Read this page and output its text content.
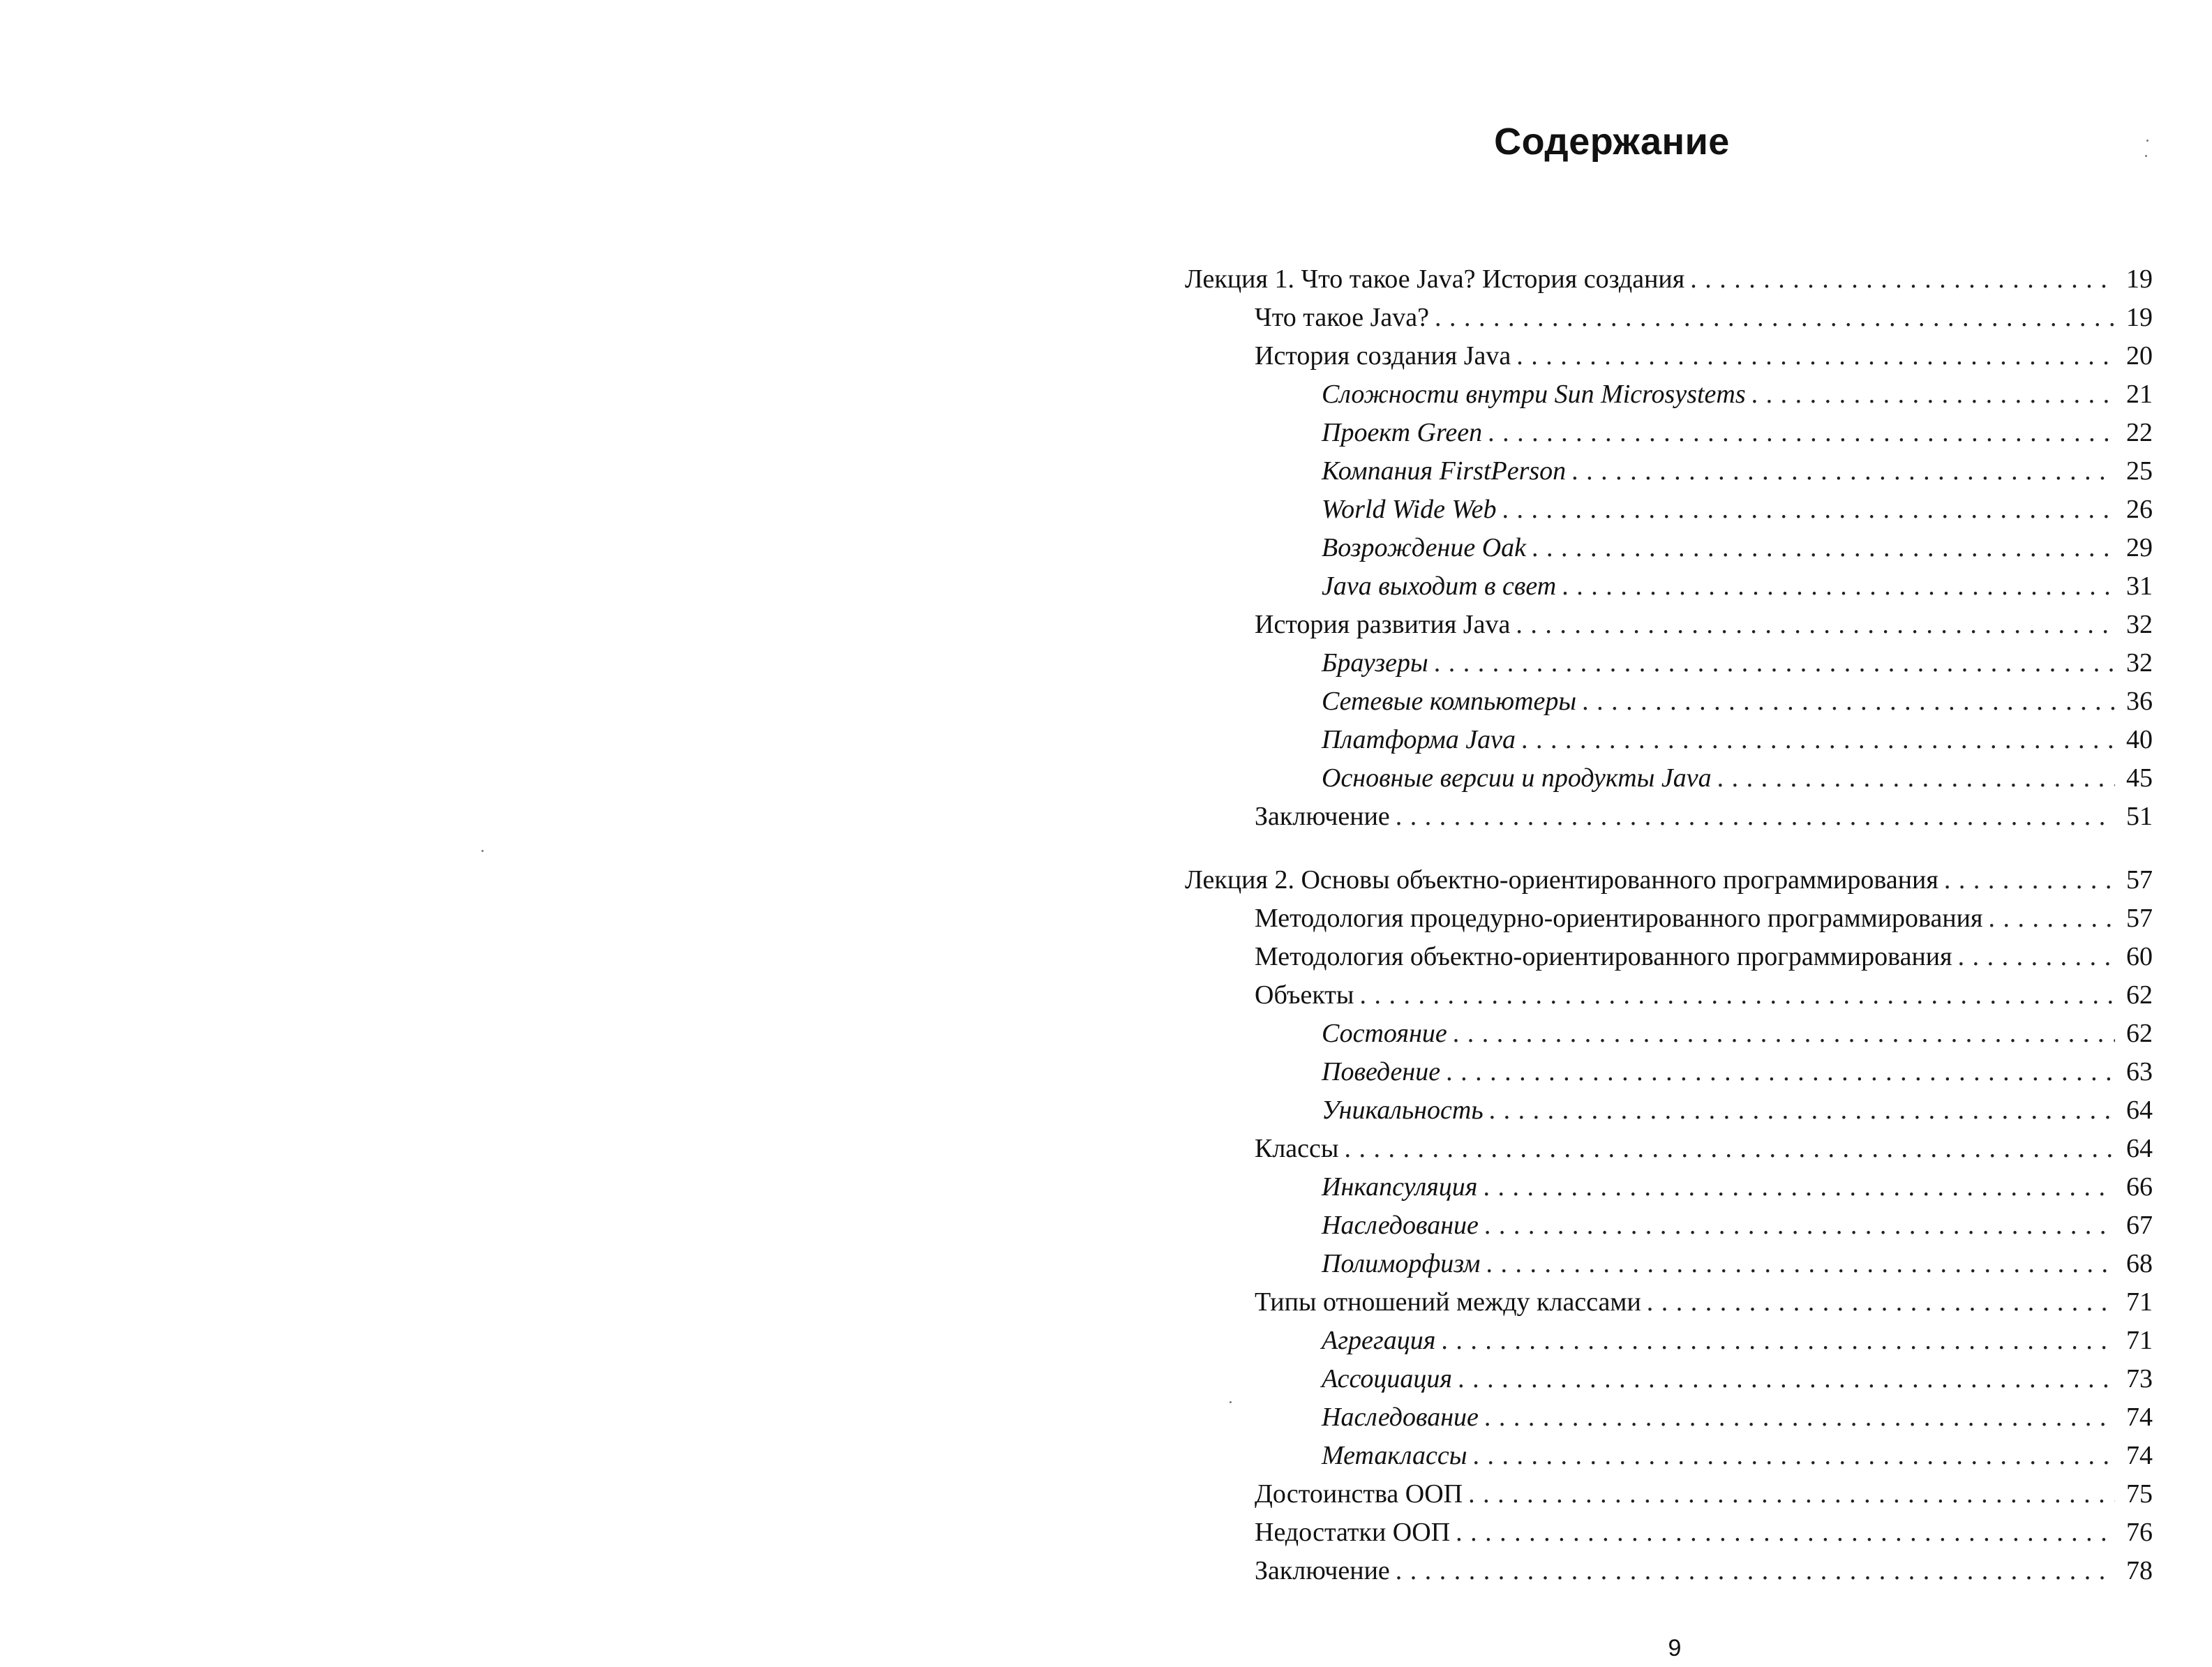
Содержание
Лекция 1. Что такое Java? История создания . . .	19
Что такое Java? . . .	19
История создания Java . . .	20
Сложности внутри Sun Microsystems . . .	21
Проект Green . . .	22
Компания FirstPerson . . .	25
World Wide Web . . .	26
Возрождение Oak . . .	29
Java выходит в свет . . .	31
История развития Java . . .	32
Браузеры . . .	32
Сетевые компьютеры . . .	36
Платформа Java . . .	40
Основные версии и продукты Java . . .	45
Заключение . . .	51
Лекция 2. Основы объектно-ориентированного программирования . . .	57
Методология процедурно-ориентированного программирования . . .	57
Методология объектно-ориентированного программирования . . .	60
Объекты . . .	62
Состояние . . .	62
Поведение . . .	63
Уникальность . . .	64
Классы . . .	64
Инкапсуляция . . .	66
Наследование . . .	67
Полиморфизм . . .	68
Типы отношений между классами . . .	71
Агрегация . . .	71
Ассоциация . . .	73
Наследование . . .	74
Метаклассы . . .	74
Достоинства ООП . . .	75
Недостатки ООП . . .	76
Заключение . . .	78
9
